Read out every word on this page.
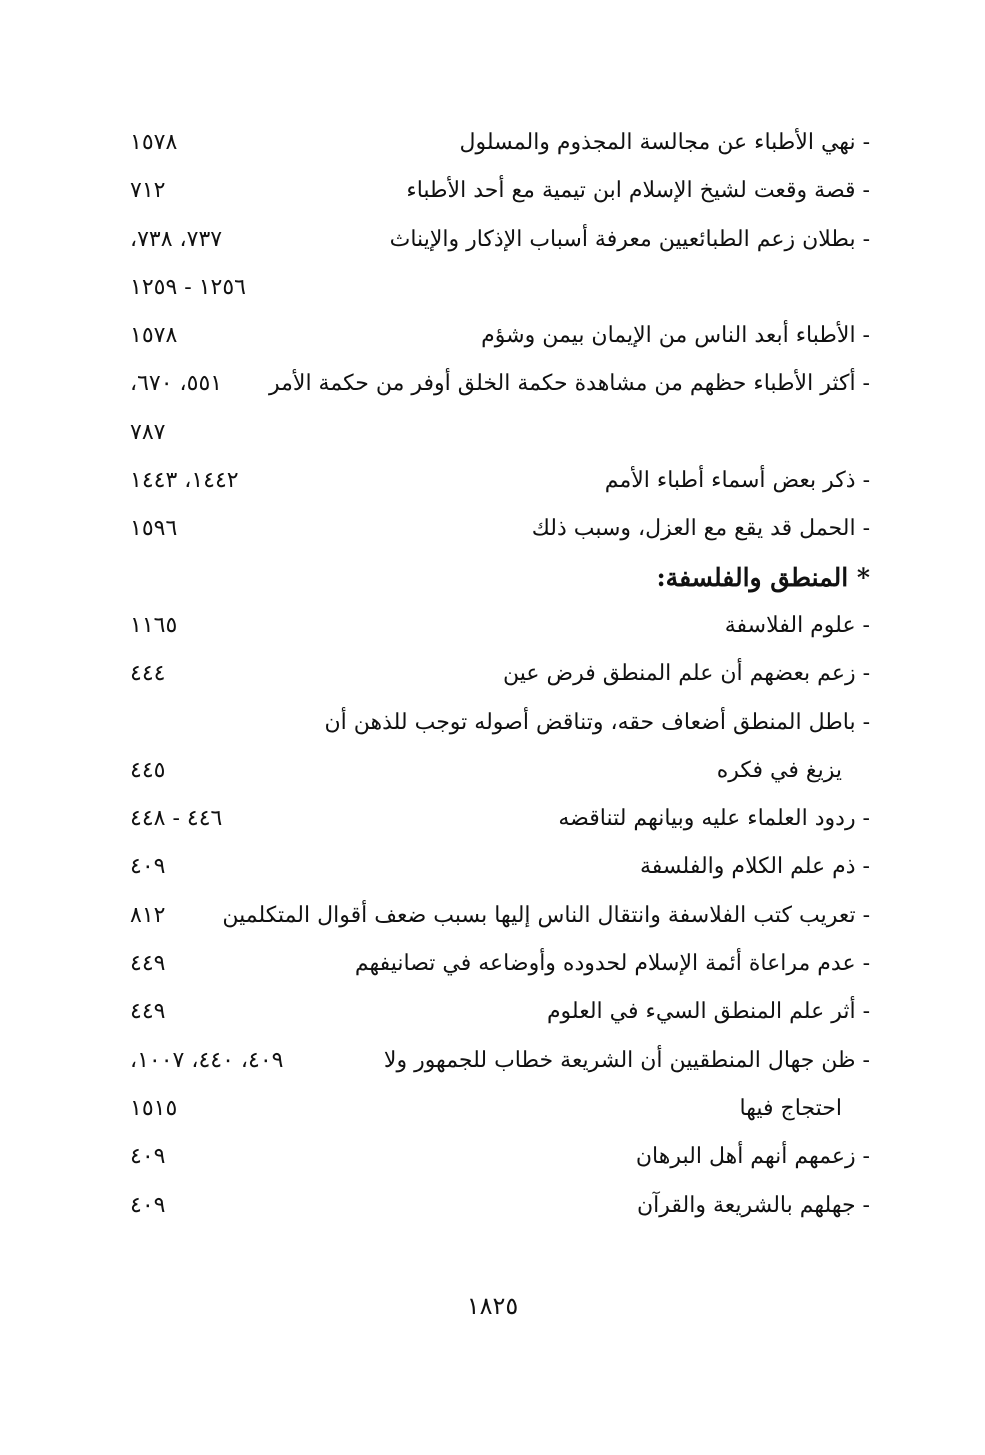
- نهي الأطباء عن مجالسة المجذوم والمسلول
١٥٧٨
- قصة وقعت لشيخ الإسلام ابن تيمية مع أحد الأطباء
٧١٢
- بطلان زعم الطبائعيين معرفة أسباب الإذكار والإيناث
٧٣٧، ٧٣٨،
١٢٥٦ - ١٢٥٩
- الأطباء أبعد الناس من الإيمان بيمن وشؤم
١٥٧٨
- أكثر الأطباء حظهم من مشاهدة حكمة الخلق أوفر من حكمة الأمر
٥٥١، ٦٧٠،
٧٨٧
- ذكر بعض أسماء أطباء الأمم
١٤٤٢، ١٤٤٣
- الحمل قد يقع مع العزل، وسبب ذلك
١٥٩٦
* المنطق والفلسفة:
- علوم الفلاسفة
١١٦٥
- زعم بعضهم أن علم المنطق فرض عين
٤٤٤
- باطل المنطق أضعاف حقه، وتناقض أصوله توجب للذهن أن
يزيغ في فكره
٤٤٥
- ردود العلماء عليه وبيانهم لتناقضه
٤٤٦ - ٤٤٨
- ذم علم الكلام والفلسفة
٤٠٩
- تعريب كتب الفلاسفة وانتقال الناس إليها بسبب ضعف أقوال المتكلمين
٨١٢
- عدم مراعاة أئمة الإسلام لحدوده وأوضاعه في تصانيفهم
٤٤٩
- أثر علم المنطق السيء في العلوم
٤٤٩
- ظن جهال المنطقيين أن الشريعة خطاب للجمهور ولا
٤٠٩، ٤٤٠، ١٠٠٧،
احتجاج فيها
١٥١٥
- زعمهم أنهم أهل البرهان
٤٠٩
- جهلهم بالشريعة والقرآن
٤٠٩
١٨٢٥
